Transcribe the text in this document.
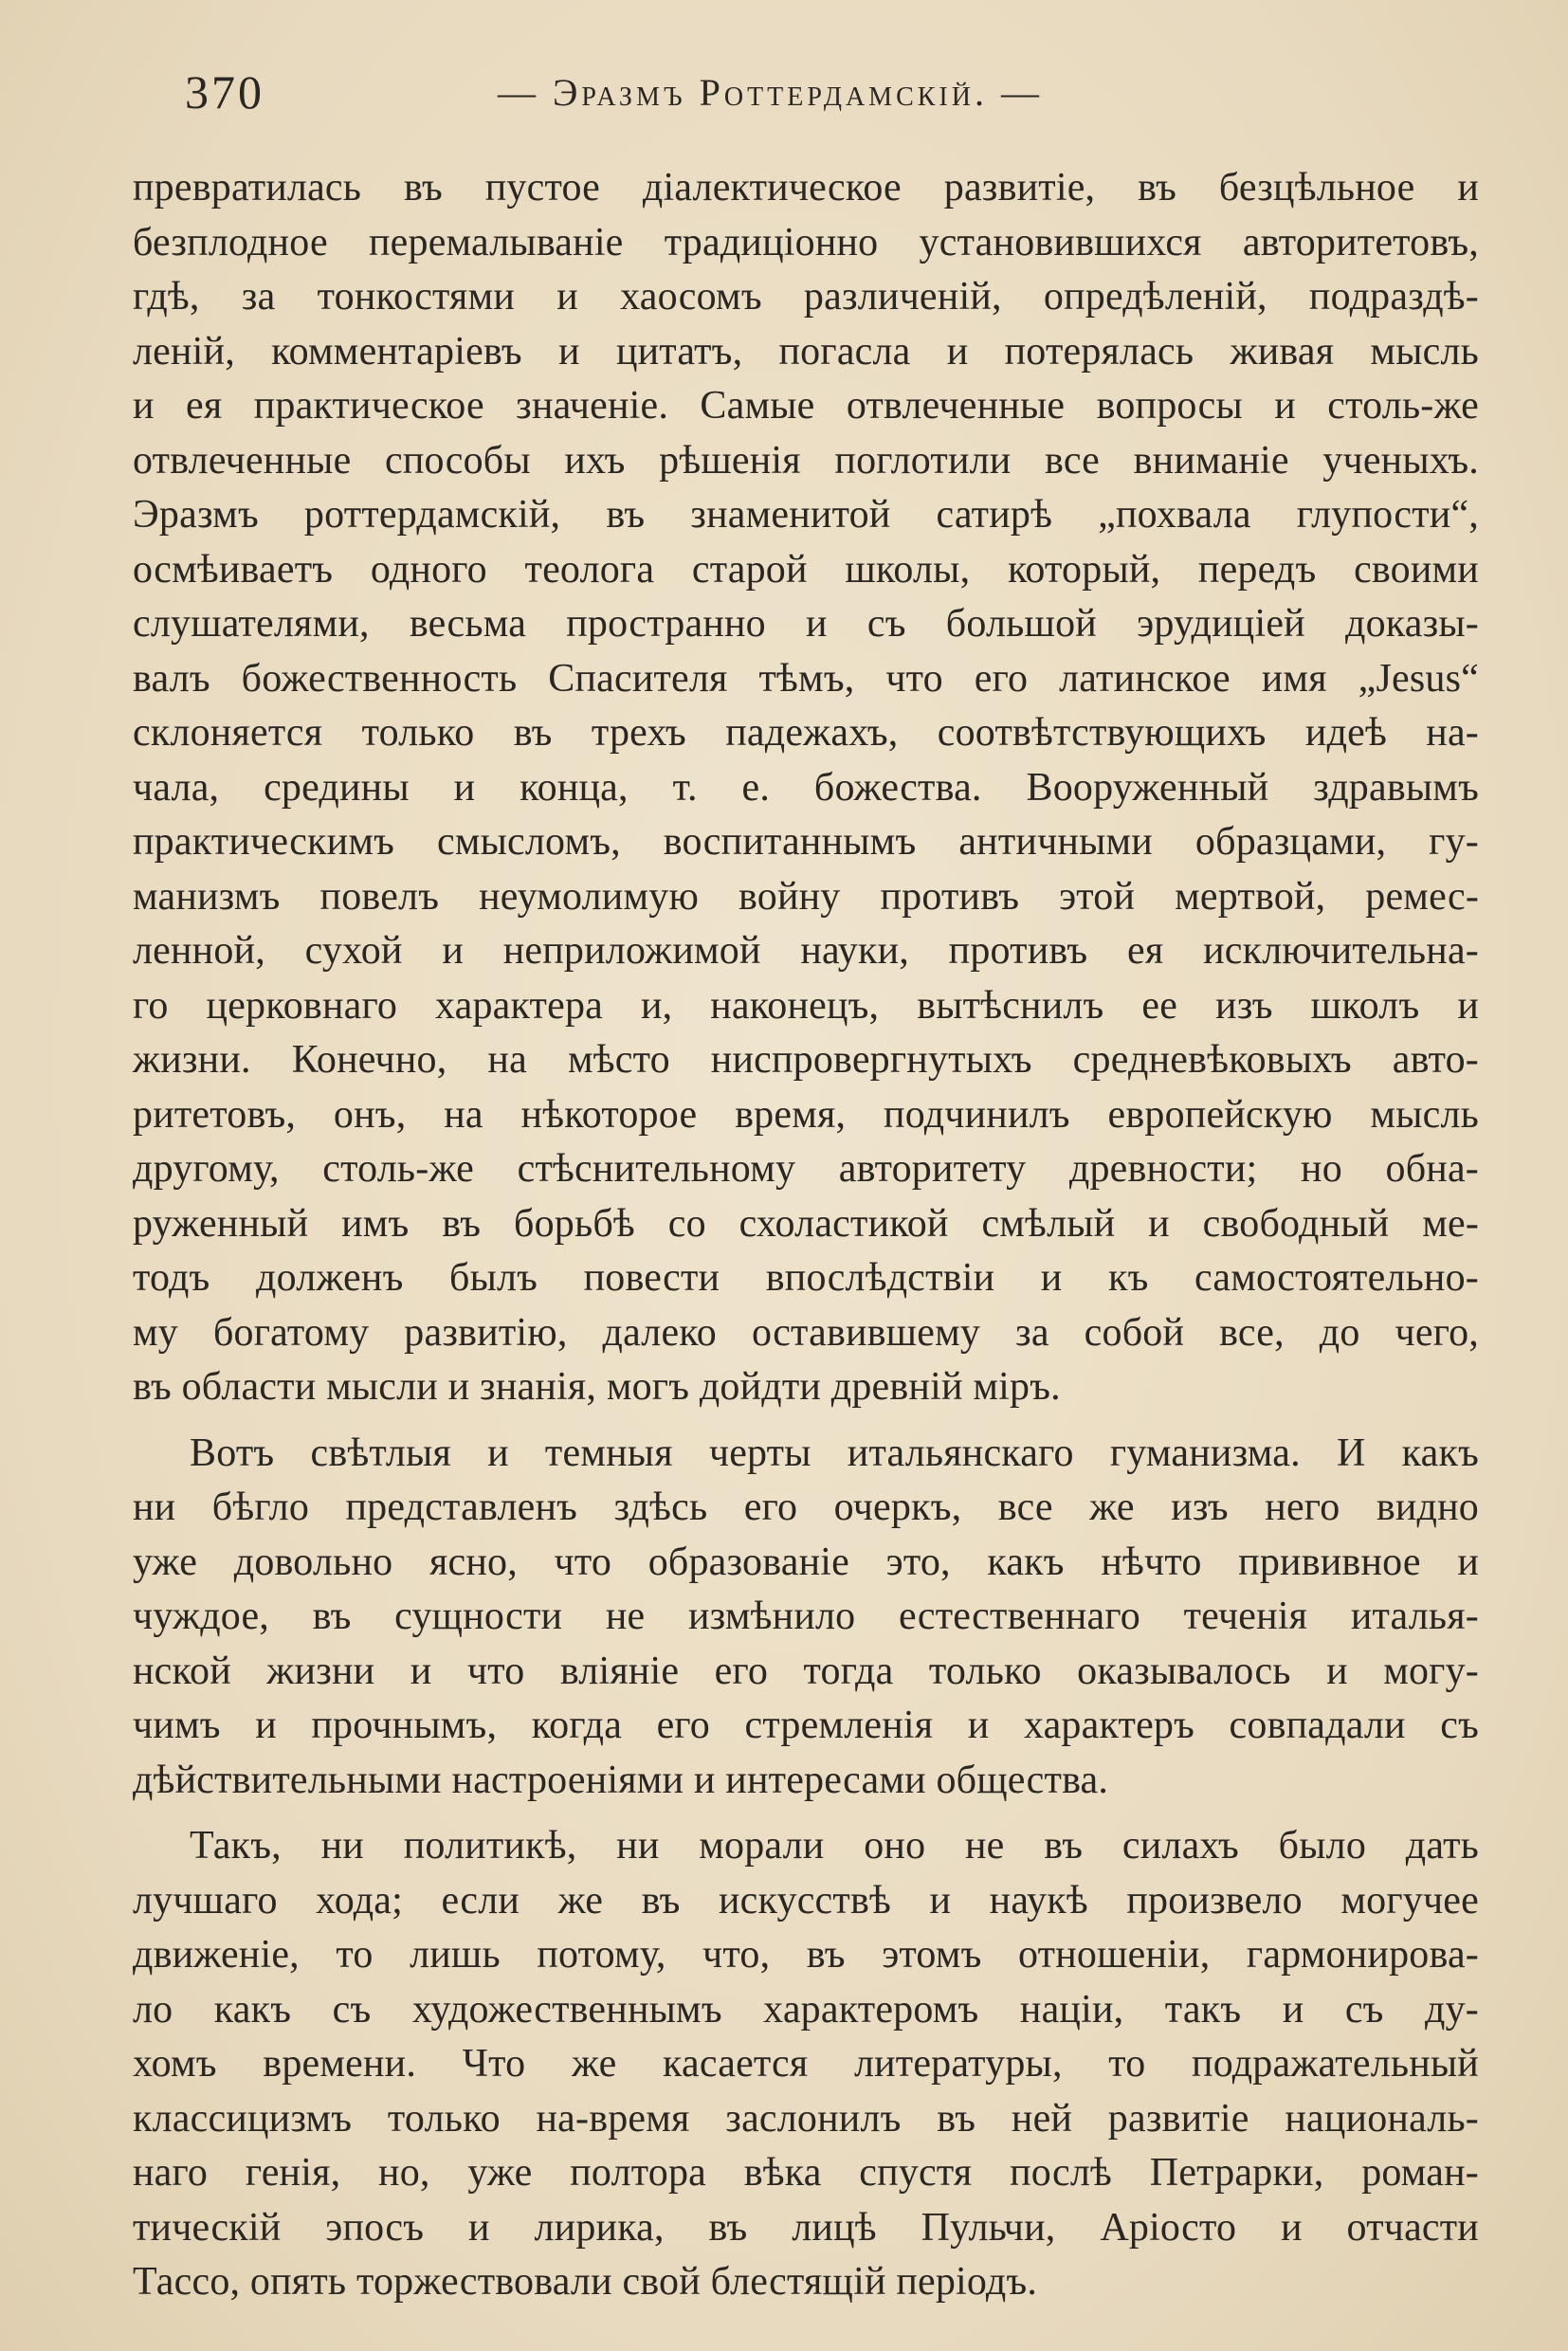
370	— Эразмъ Роттердамскій. —
превратилась въ пустое діалектическое развитіе, въ безцѣльное и
безплодное перемалываніе традиціонно установившихся авторитетовъ,
гдѣ, за тонкостями и хаосомъ различеній, опредѣленій, подраздѣ-
леній, комментаріевъ и цитатъ, погасла и потерялась живая мысль
и ея практическое значеніе. Самые отвлеченные вопросы и столь-же
отвлеченные способы ихъ рѣшенія поглотили все вниманіе ученыхъ.
Эразмъ роттердамскій, въ знаменитой сатирѣ „похвала глупости“,
осмѣиваетъ одного теолога старой школы, который, передъ своими
слушателями, весьма пространно и съ большой эрудиціей доказы-
валъ божественность Спасителя тѣмъ, что его латинское имя „Jesus“
склоняется только въ трехъ падежахъ, соотвѣтствующихъ идеѣ на-
чала, средины и конца, т. е. божества. Вооруженный здравымъ
практическимъ смысломъ, воспитаннымъ античными образцами, гу-
манизмъ повелъ неумолимую войну противъ этой мертвой, ремес-
ленной, сухой и неприложимой науки, противъ ея исключительна-
го церковнаго характера и, наконецъ, вытѣснилъ ее изъ школъ и
жизни. Конечно, на мѣсто ниспровергнутыхъ средневѣковыхъ авто-
ритетовъ, онъ, на нѣкоторое время, подчинилъ европейскую мысль
другому, столь-же стѣснительному авторитету древности; но обна-
руженный имъ въ борьбѣ со схоластикой смѣлый и свободный ме-
тодъ долженъ былъ повести впослѣдствіи и къ самостоятельно-
му богатому развитію, далеко оставившему за собой все, до чего,
въ области мысли и знанія, могъ дойдти древній міръ.
Вотъ свѣтлыя и темныя черты итальянскаго гуманизма. И какъ
ни бѣгло представленъ здѣсь его очеркъ, все же изъ него видно
уже довольно ясно, что образованіе это, какъ нѣчто прививное и
чуждое, въ сущности не измѣнило естественнаго теченія италья-
нской жизни и что вліяніе его тогда только оказывалось и могу-
чимъ и прочнымъ, когда его стремленія и характеръ совпадали съ
дѣйствительными настроеніями и интересами общества.
Такъ, ни политикѣ, ни морали оно не въ силахъ было дать
лучшаго хода; если же въ искусствѣ и наукѣ произвело могучее
движеніе, то лишь потому, что, въ этомъ отношеніи, гармонирова-
ло какъ съ художественнымъ характеромъ націи, такъ и съ ду-
хомъ времени. Что же касается литературы, то подражательный
классицизмъ только на-время заслонилъ въ ней развитіе националь-
наго генія, но, уже полтора вѣка спустя послѣ Петрарки, роман-
тическій эпосъ и лирика, въ лицѣ Пульчи, Аріосто и отчасти
Тассо, опять торжествовали свой блестящій періодъ.
